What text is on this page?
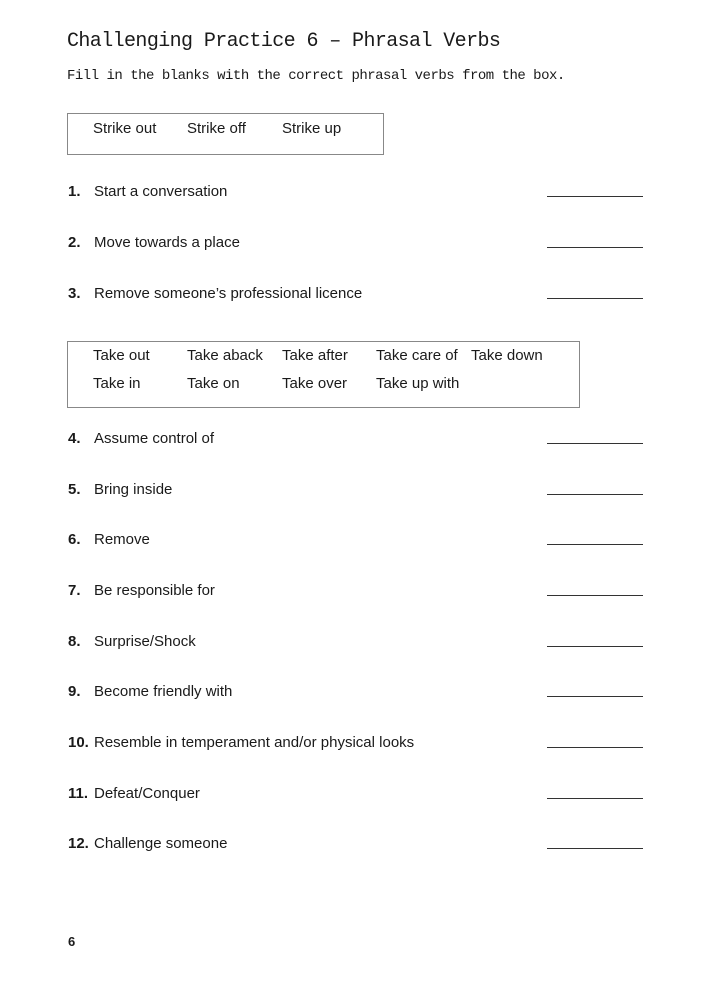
Challenging Practice 6 – Phrasal Verbs

Fill in the blanks with the correct phrasal verbs from the box.

Strike out Strike off Strike up
1. Start a conversation
2. Move towards a place
3. Remove someone’s professional licence
Take out Take aback Take after Take care of Take down
Take in	Take on	Take over Take up with
4. Assume control of
5. Bring inside
6. Remove
7. Be responsible for
8. Surprise/Shock
9. Become friendly with
10. Resemble in temperament and/or physical looks
11. Defeat/Conquer
12. Challenge someone
6
